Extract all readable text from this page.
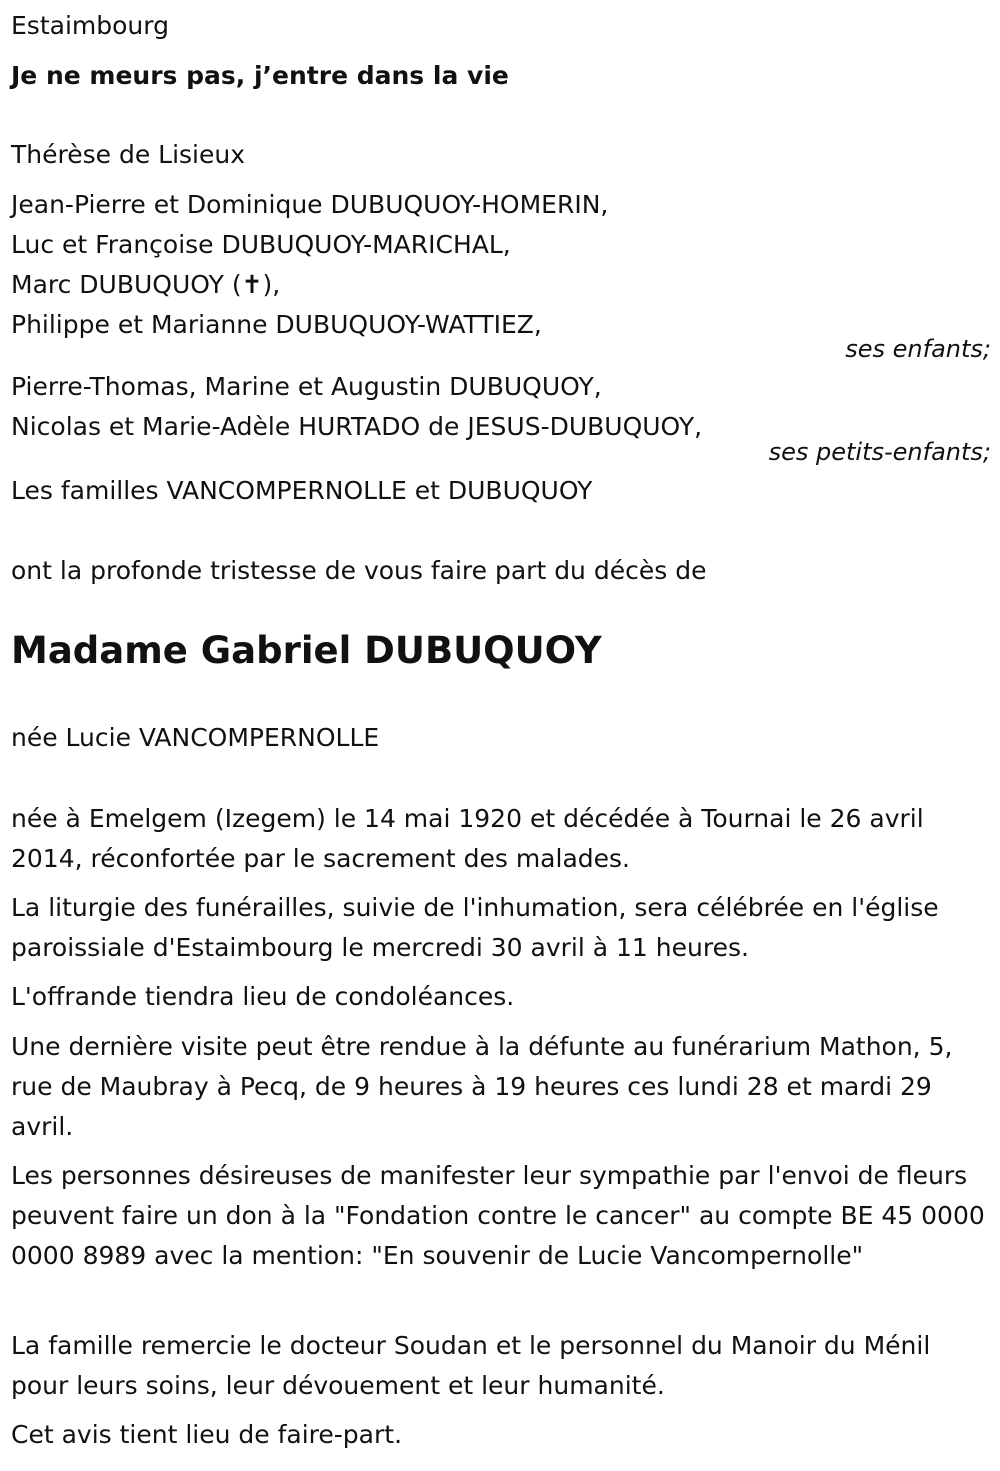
Estaimbourg
Je ne meurs pas, j’entre dans la vie
Thérèse de Lisieux
Jean-Pierre et Dominique DUBUQUOY-HOMERIN,
Luc et Françoise DUBUQUOY-MARICHAL,
Marc DUBUQUOY (✝),
Philippe et Marianne DUBUQUOY-WATTIEZ,
ses enfants;
Pierre-Thomas, Marine et Augustin DUBUQUOY,
Nicolas et Marie-Adèle HURTADO de JESUS-DUBUQUOY,
ses petits-enfants;
Les familles VANCOMPERNOLLE et DUBUQUOY
ont la profonde tristesse de vous faire part du décès de
Madame Gabriel DUBUQUOY
née Lucie VANCOMPERNOLLE
née à Emelgem (Izegem) le 14 mai 1920 et décédée à Tournai le 26 avril 2014, réconfortée par le sacrement des malades.
La liturgie des funérailles, suivie de l'inhumation, sera célébrée en l'église paroissiale d'Estaimbourg le mercredi 30 avril à 11 heures.
L'offrande tiendra lieu de condoléances.
Une dernière visite peut être rendue à la défunte au funérarium Mathon, 5, rue de Maubray à Pecq, de 9 heures à 19 heures ces lundi 28 et mardi 29 avril.
Les personnes désireuses de manifester leur sympathie par l'envoi de fleurs peuvent faire un don à la "Fondation contre le cancer" au compte BE 45 0000 0000 8989 avec la mention: "En souvenir de Lucie Vancompernolle"
La famille remercie le docteur Soudan et le personnel du Manoir du Ménil pour leurs soins, leur dévouement et leur humanité.
Cet avis tient lieu de faire-part.
